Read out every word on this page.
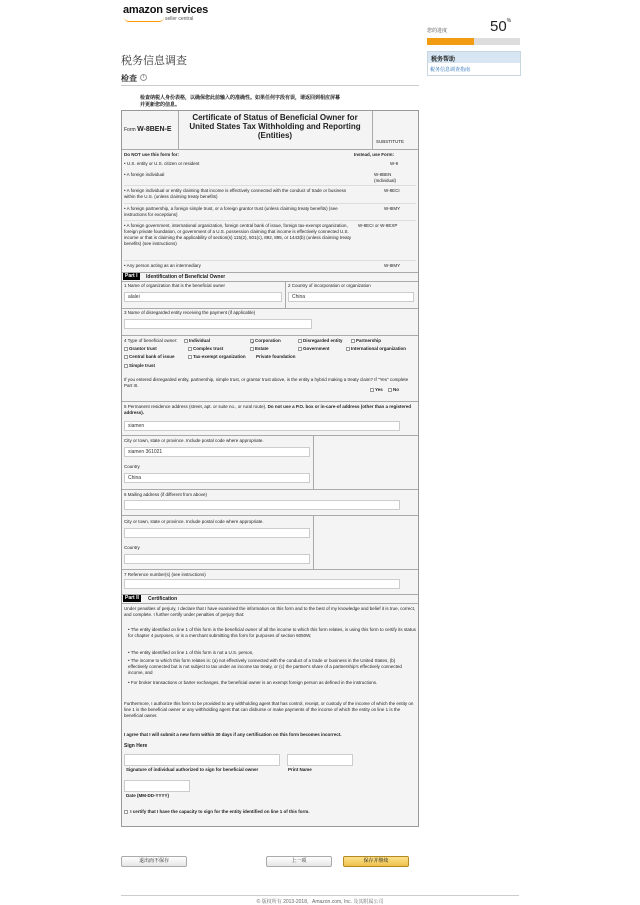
amazon services
seller central
您的进度	50%
税务帮助
税务信息调查指南
税务信息调查
检查	i
检查纳税人身份表格，以确保您此前输入的准确性。如果任何字段有误，请返回到相应屏幕并更新您的信息。
Form W-8BEN-E
Certificate of Status of Beneficial Owner for United States Tax Withholding and Reporting (Entities)
SUBSTITUTE
Do NOT use this form for:	Instead, use Form:
• U.S. entity or U.S. citizen or resident	W-9
• A foreign individual	W-8BEN (Individual)
• A foreign individual or entity claiming that income is effectively connected with the conduct of trade or business within the U.S. (unless claiming treaty benefits)
W-8ECI
• A foreign partnership, a foreign simple trust, or a foreign grantor trust (unless claiming treaty benefits) (see instructions for exceptions)
W-8IMY
• A foreign government, international organization, foreign central bank of issue, foreign tax-exempt organization, foreign private foundation, or government of a U.S. possession claiming that income is effectively connected U.S. income or that is claiming the applicability of section(s) 115(2), 501(c), 892, 895, or 1443(b) (unless claiming treaty benefits) (see instructions)
W-8ECI or W-8EXP
• Any person acting as an intermediary	W-8IMY
Part I	Identification of Beneficial Owner
1 Name of organization that is the beneficial owner
alalei
2 Country of incorporation or organization
China
3 Name of disregarded entity receiving the payment (if applicable)
4 Type of beneficial owner:	Individual	✓Corporation	Disregarded entity	Partnership
Grantor trust	Complex trust	Estate	Government	International organization
Central bank of issue	Tax-exempt organization Private foundation
Simple trust
If you entered disregarded entity, partnership, simple trust, or grantor trust above, is the entity a hybrid making a treaty claim? If "Yes" complete Part III.
Yes	No
5 Permanent residence address (street, apt. or suite no., or rural route). Do not use a P.O. box or in-care-of address (other than a registered address).
xiamen
City or town, state or province. Include postal code where appropriate.
xiamen 361021
Country
China
6 Mailing address (if different from above)
City or town, state or province. Include postal code where appropriate.
Country
7 Reference number(s) (see instructions)
Part II	Certification
Under penalties of perjury, I declare that I have examined the information on this form and to the best of my knowledge and belief it is true, correct, and complete. I further certify under penalties of perjury that:
• The entity identified on line 1 of this form is the beneficial owner of all the income to which this form relates, is using this form to certify its status for chapter 4 purposes, or is a merchant submitting this form for purposes of section 6050W,
• The entity identified on line 1 of this form is not a U.S. person,
• The income to which this form relates is: (a) not effectively connected with the conduct of a trade or business in the United States, (b) effectively connected but is not subject to tax under an income tax treaty, or (c) the partner's share of a partnership's effectively connected income, and
• For broker transactions or barter exchanges, the beneficial owner is an exempt foreign person as defined in the instructions.
Furthermore, I authorize this form to be provided to any withholding agent that has control, receipt, or custody of the income of which the entity on line 1 is the beneficial owner or any withholding agent that can disburse or make payments of the income of which the entity on line 1 is the beneficial owner.
I agree that I will submit a new form within 30 days if any certification on this form becomes incorrect.
Sign Here
Signature of individual authorized to sign for beneficial owner	Print Name
Date (MM-DD-YYYY)
I certify that I have the capacity to sign for the entity identified on line 1 of this form.
退出而不保存	上一项	保存并继续
© 版权所有 2013-2018，Amazon.com, Inc. 及其附属公司
